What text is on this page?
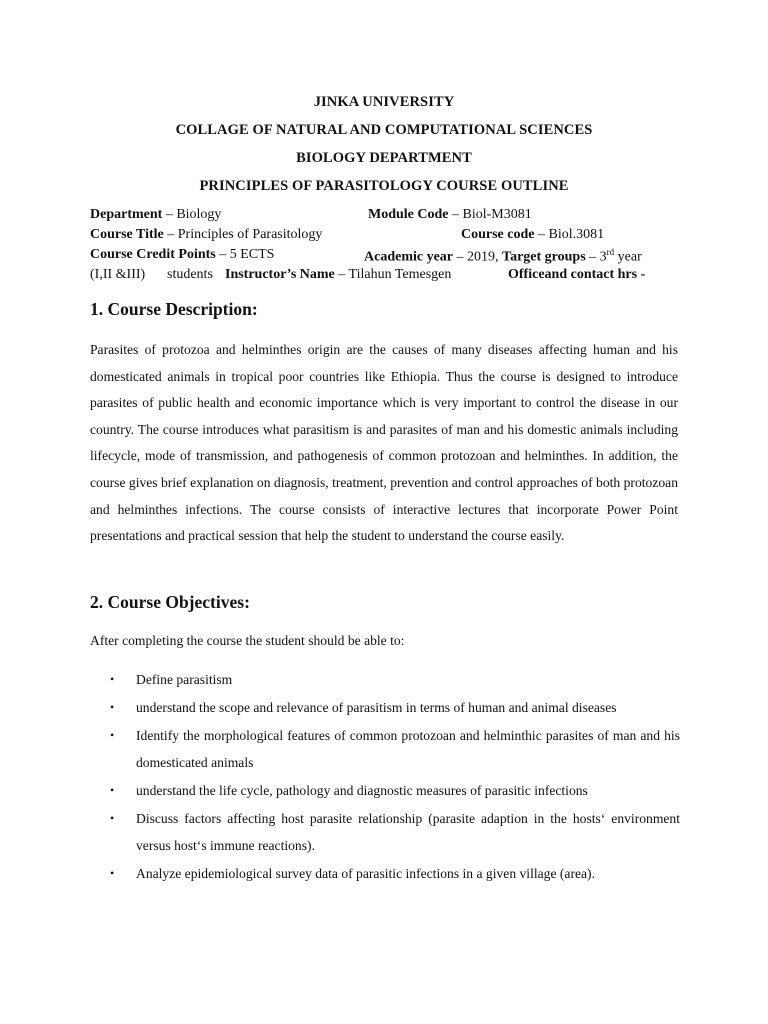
JINKA UNIVERSITY
COLLAGE OF NATURAL AND COMPUTATIONAL SCIENCES
BIOLOGY DEPARTMENT
PRINCIPLES OF PARASITOLOGY COURSE OUTLINE
Department – Biology	Module Code – Biol-M3081
Course Title – Principles of Parasitology	Course code – Biol.3081
Course Credit Points – 5 ECTS	Academic year – 2019, Target groups – 3rd year
(I,II &III) students Instructor’s Name – Tilahun Temesgen	Officeand contact hrs -
1. Course Description:
Parasites of protozoa and helminthes origin are the causes of many diseases affecting human and his domesticated animals in tropical poor countries like Ethiopia. Thus the course is designed to introduce parasites of public health and economic importance which is very important to control the disease in our country. The course introduces what parasitism is and parasites of man and his domestic animals including lifecycle, mode of transmission, and pathogenesis of common protozoan and helminthes. In addition, the course gives brief explanation on diagnosis, treatment, prevention and control approaches of both protozoan and helminthes infections. The course consists of interactive lectures that incorporate Power Point presentations and practical session that help the student to understand the course easily.
2. Course Objectives:
After completing the course the student should be able to:
• Define parasitism
• understand the scope and relevance of parasitism in terms of human and animal diseases
• Identify the morphological features of common protozoan and helminthic parasites of man and his domesticated animals
• understand the life cycle, pathology and diagnostic measures of parasitic infections
• Discuss factors affecting host parasite relationship (parasite adaption in the hosts‘ environment versus host‘s immune reactions).
• Analyze epidemiological survey data of parasitic infections in a given village (area).
